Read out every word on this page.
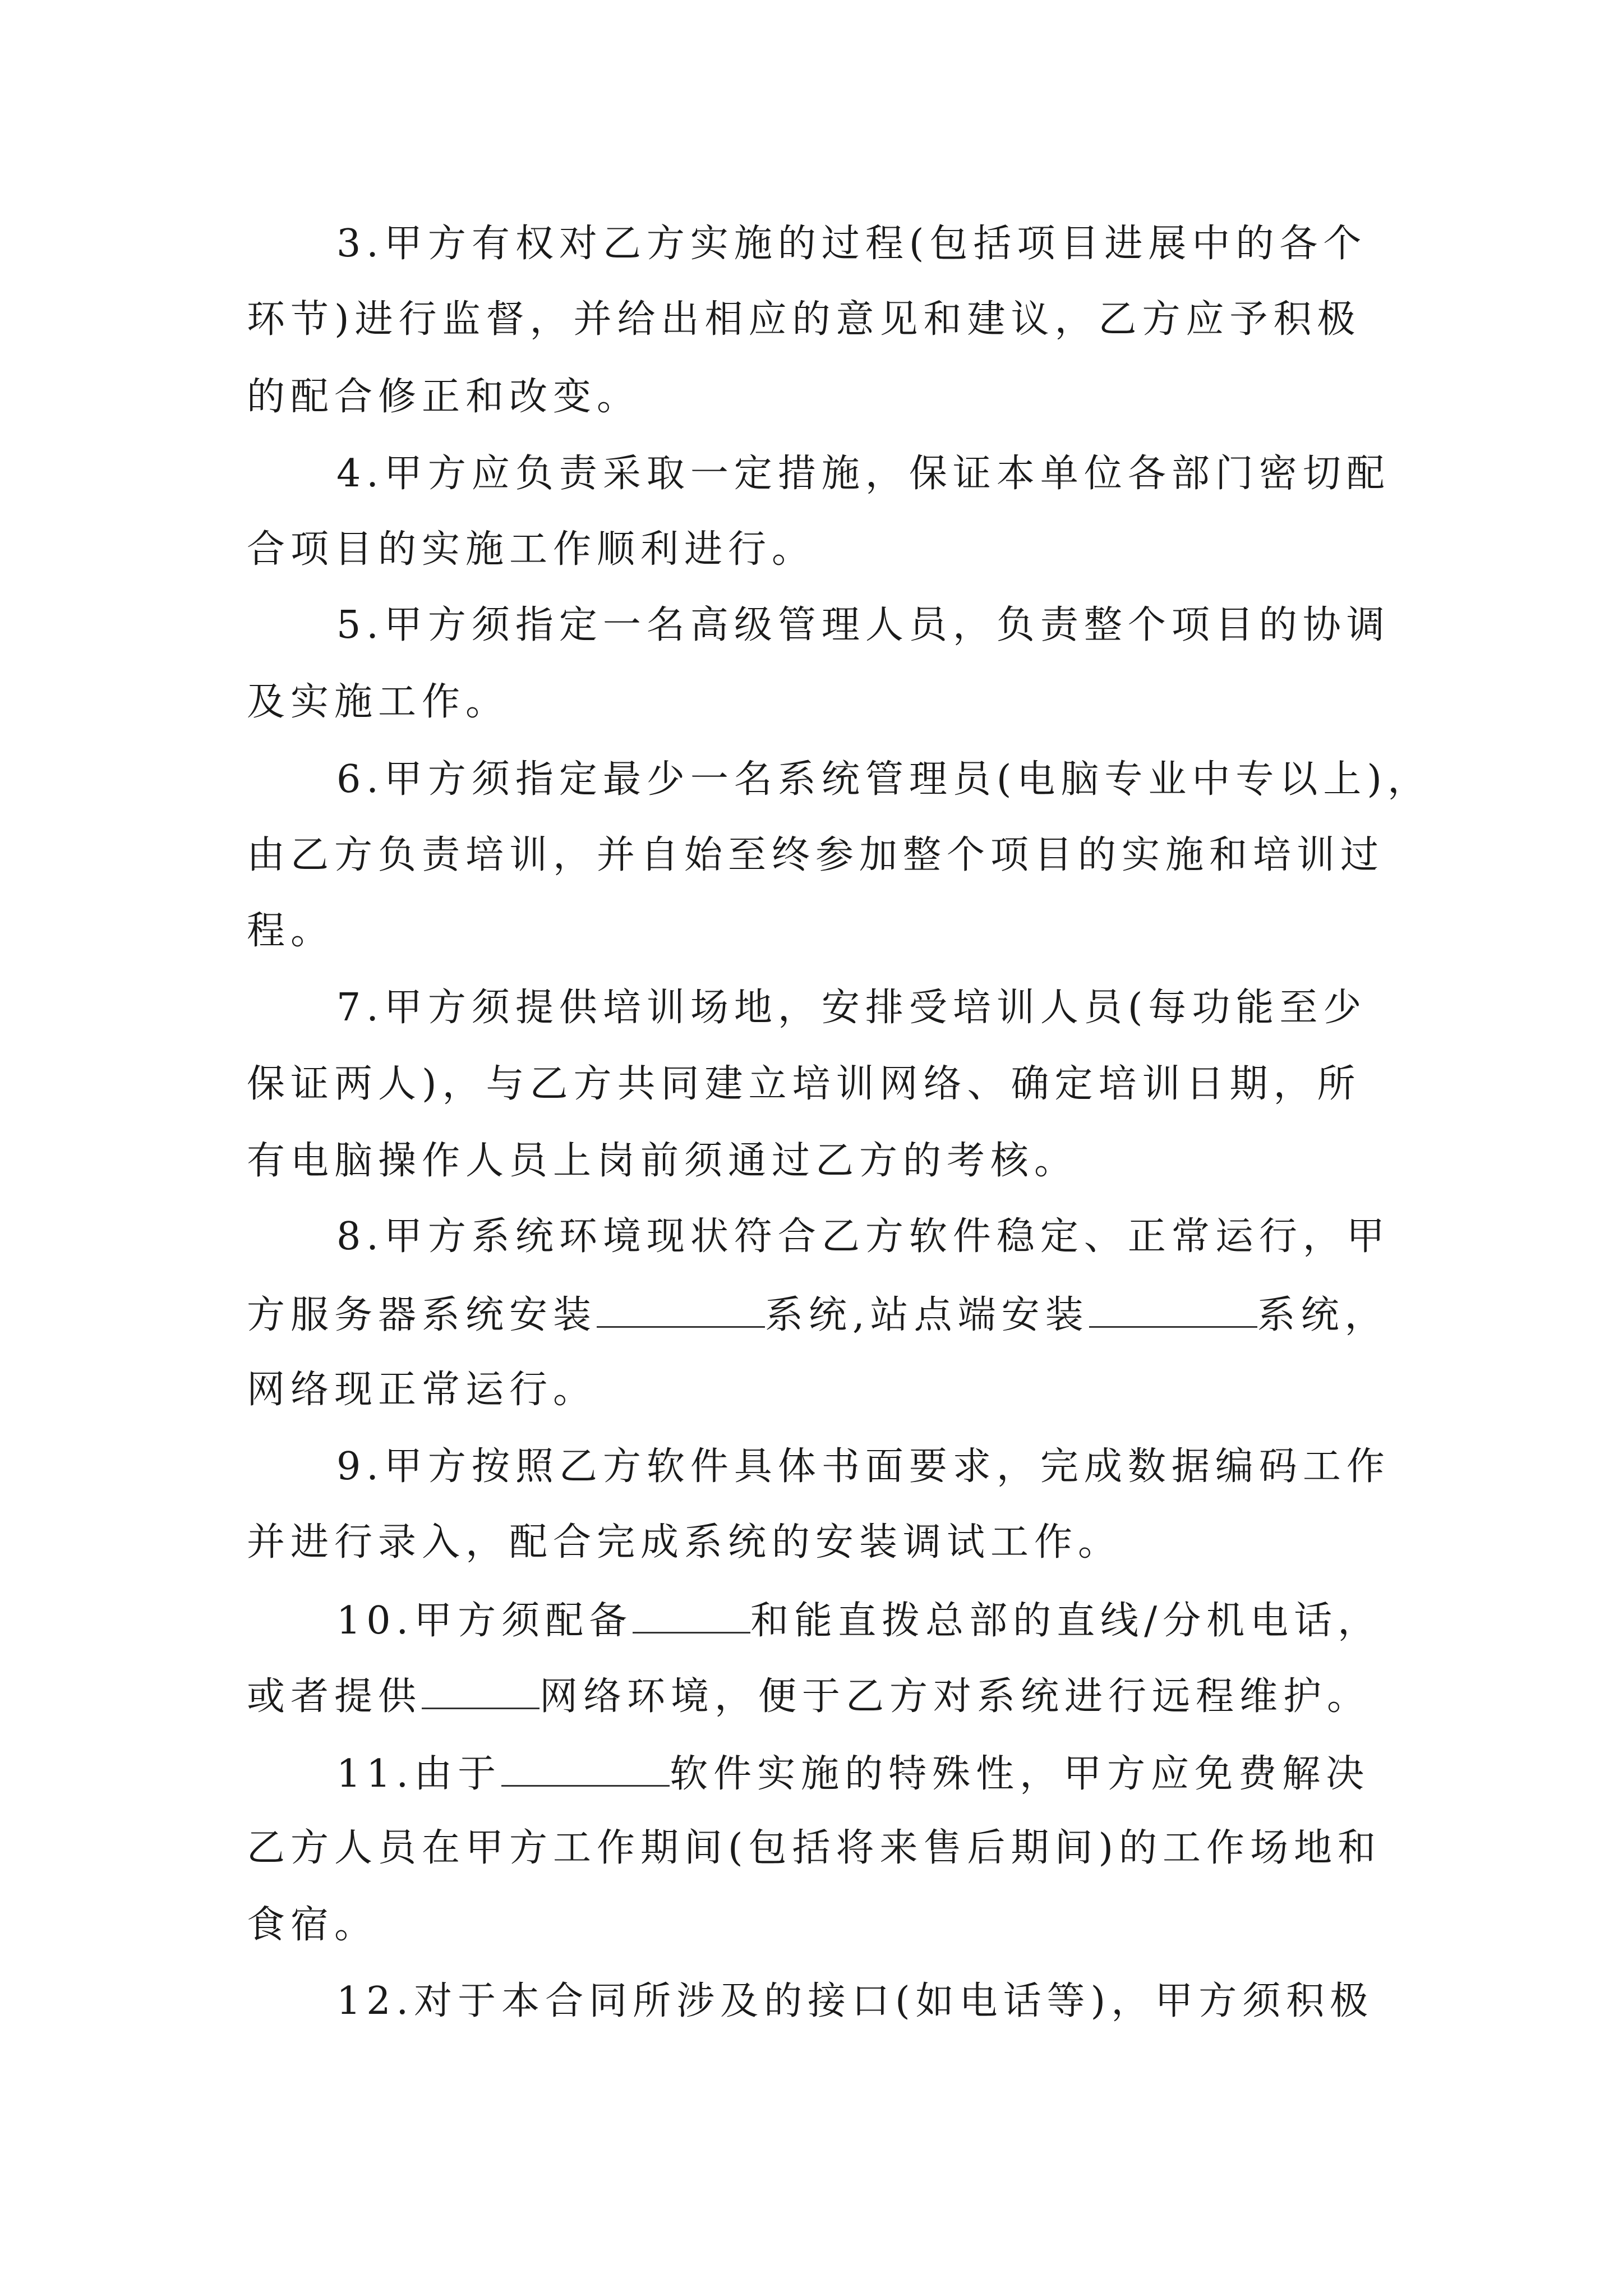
3.甲方有权对乙方实施的过程(包括项目进展中的各个
环节)进行监督，并给出相应的意见和建议，乙方应予积极
的配合修正和改变。
4.甲方应负责采取一定措施，保证本单位各部门密切配
合项目的实施工作顺利进行。
5.甲方须指定一名高级管理人员，负责整个项目的协调
及实施工作。
6.甲方须指定最少一名系统管理员(电脑专业中专以上)，
由乙方负责培训，并自始至终参加整个项目的实施和培训过
程。
7.甲方须提供培训场地，安排受培训人员(每功能至少
保证两人)，与乙方共同建立培训网络、确定培训日期，所
有电脑操作人员上岗前须通过乙方的考核。
8.甲方系统环境现状符合乙方软件稳定、正常运行，甲
方服务器系统安装	系统,站点端安装	系统，
网络现正常运行。
9.甲方按照乙方软件具体书面要求，完成数据编码工作
并进行录入，配合完成系统的安装调试工作。
10.甲方须配备	和能直拨总部的直线/分机电话，
或者提供	网络环境，便于乙方对系统进行远程维护。
11.由于	软件实施的特殊性，甲方应免费解决
乙方人员在甲方工作期间(包括将来售后期间)的工作场地和
食宿。
12.对于本合同所涉及的接口(如电话等)，甲方须积极
